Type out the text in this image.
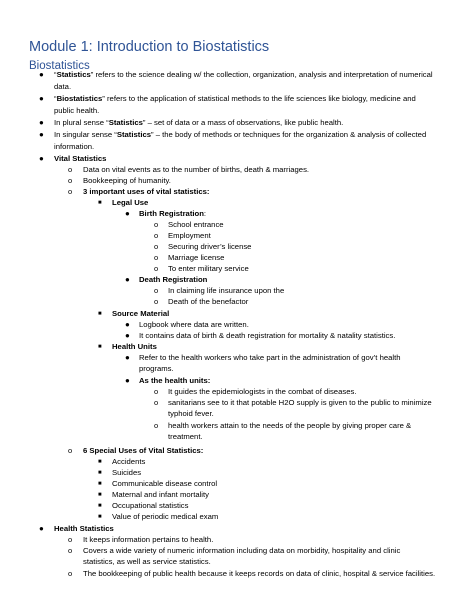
Module 1: Introduction to Biostatistics
Biostatistics
● “Statistics” refers to the science dealing w/ the collection, organization, analysis and interpretation of numerical
data.
● “Biostatistics” refers to the application of statistical methods to the life sciences like biology, medicine and
public health.
● In plural sense “Statistics” – set of data or a mass of observations, like public health.
● In singular sense “Statistics” – the body of methods or techniques for the organization & analysis of collected
information.
● Vital Statistics
o Data on vital events as to the number of births, death & marriages.
o Bookkeeping of humanity.
o 3 important uses of vital statistics:
■ Legal Use
● Birth Registration:
o School entrance
o Employment
o Securing driver’s license
o Marriage license
o To enter military service
● Death Registration
o In claiming life insurance upon the
o Death of the benefactor
■ Source Material
● Logbook where data are written.
● It contains data of birth & death registration for mortality & natality statistics.
■ Health Units
● Refer to the health workers who take part in the administration of gov’t health
programs.
● As the health units:
o It guides the epidemiologists in the combat of diseases.
o sanitarians see to it that potable H2O supply is given to the public to minimize
typhoid fever.
o health workers attain to the needs of the people by giving proper care &
treatment.
o 6 Special Uses of Vital Statistics:
■ Accidents
■ Suicides
■ Communicable disease control
■ Maternal and infant mortality
■ Occupational statistics
■ Value of periodic medical exam
● Health Statistics
o It keeps information pertains to health.
o Covers a wide variety of numeric information including data on morbidity, hospitality and clinic
statistics, as well as service statistics.
o The bookkeeping of public health because it keeps records on data of clinic, hospital & service facilities.
